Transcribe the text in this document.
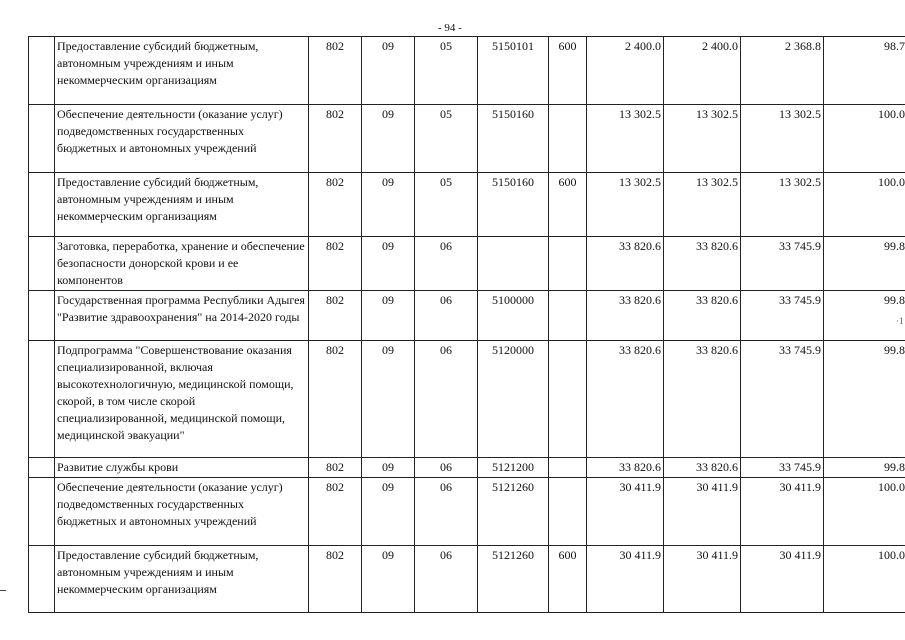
- 94 -
·1
	Предоставление субсидий бюджетным, автономным учреждениям и иным некоммерческим организациям	802	09	05	5150101	600	2 400.0	2 400.0	2 368.8	98.7
	Обеспечение деятельности (оказание услуг) подведомственных государственных бюджетных и автономных учреждений	802	09	05	5150160		13 302.5	13 302.5	13 302.5	100.0
	Предоставление субсидий бюджетным, автономным учреждениям и иным некоммерческим организациям	802	09	05	5150160	600	13 302.5	13 302.5	13 302.5	100.0
	Заготовка, переработка, хранение и обеспечение безопасности донорской крови и ее компонентов	802	09	06			33 820.6	33 820.6	33 745.9	99.8
	Государственная программа Республики Адыгея "Развитие здравоохранения" на 2014-2020 годы	802	09	06	5100000		33 820.6	33 820.6	33 745.9	99.8
	Подпрограмма "Совершенствование оказания специализированной, включая высокотехнологичную, медицинской помощи, скорой, в том числе скорой специализированной, медицинской помощи, медицинской эвакуации"	802	09	06	5120000		33 820.6	33 820.6	33 745.9	99.8
	Развитие службы крови	802	09	06	5121200		33 820.6	33 820.6	33 745.9	99.8
	Обеспечение деятельности (оказание услуг) подведомственных государственных бюджетных и автономных учреждений	802	09	06	5121260		30 411.9	30 411.9	30 411.9	100.0
	Предоставление субсидий бюджетным, автономным учреждениям и иным некоммерческим организациям	802	09	06	5121260	600	30 411.9	30 411.9	30 411.9	100.0
